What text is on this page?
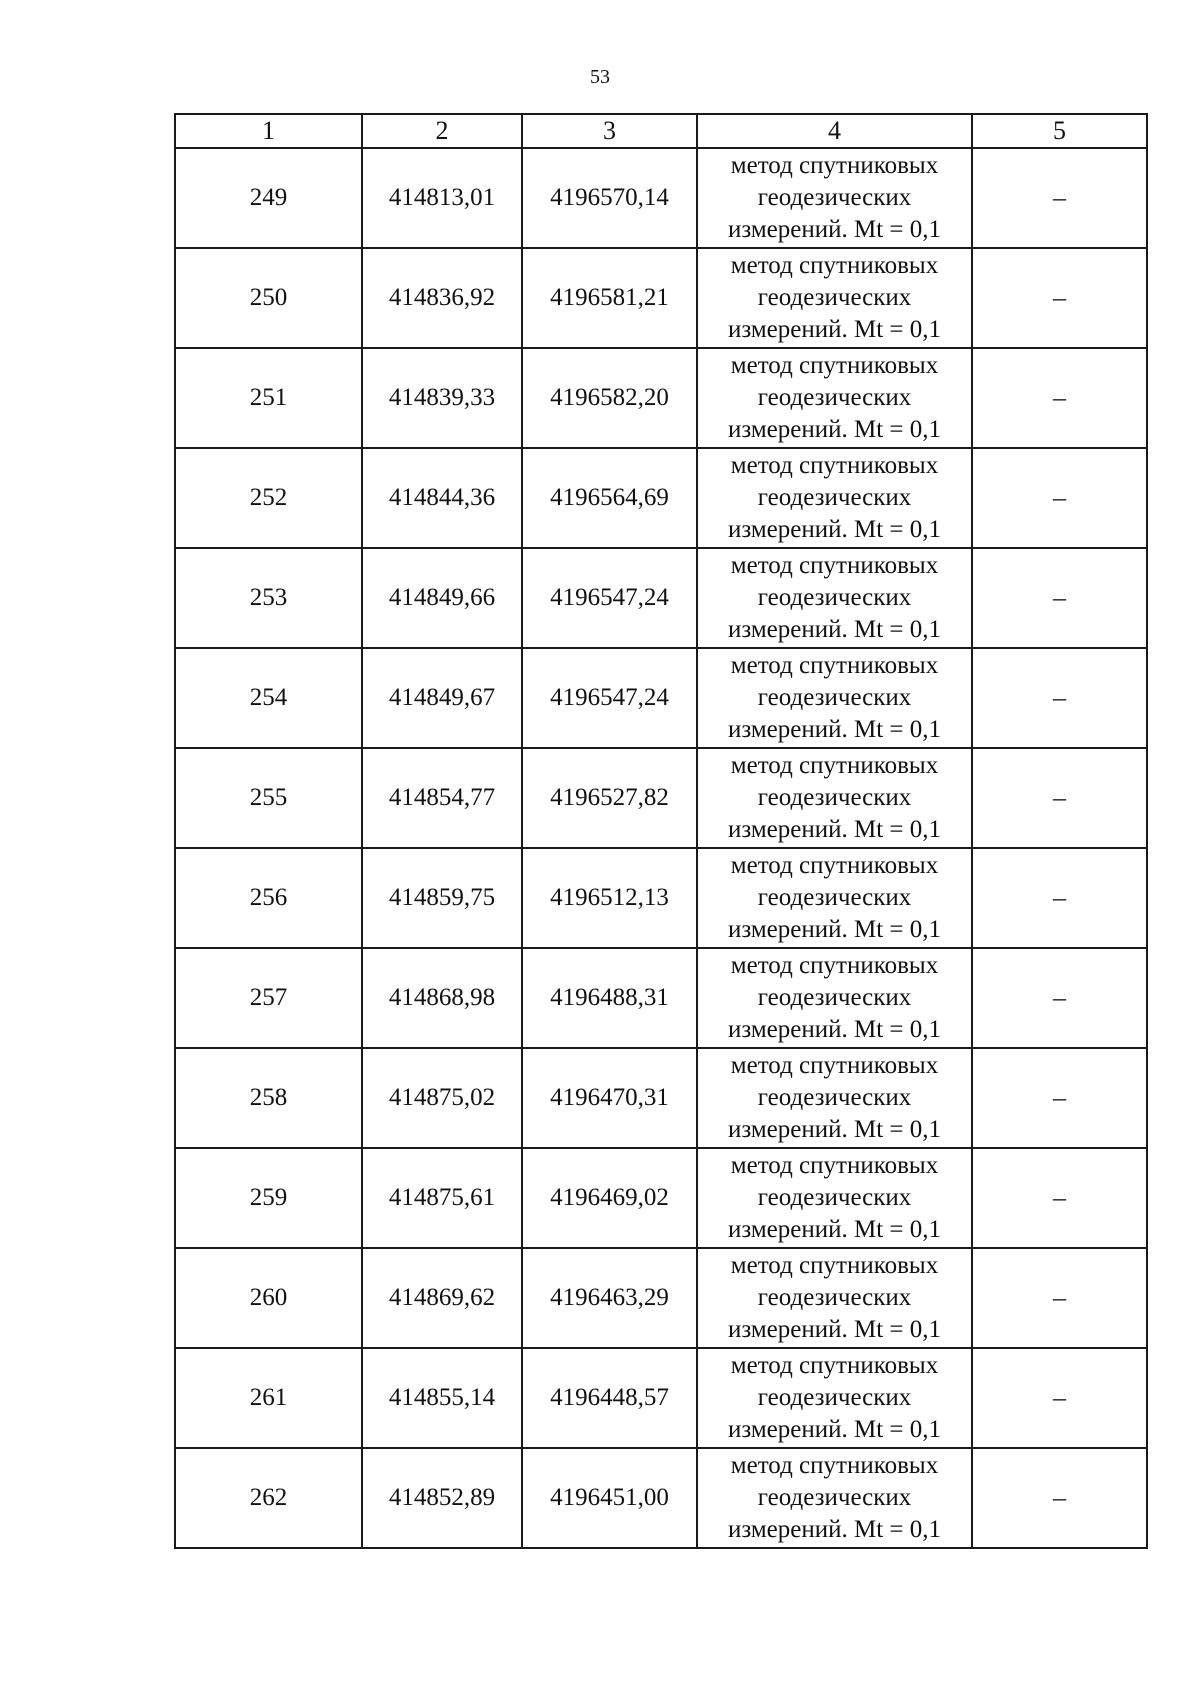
53
1	2	3	4	5
249	414813,01	4196570,14	метод спутниковых
геодезических
измерений. Mt = 0,1	–
250	414836,92	4196581,21	метод спутниковых
геодезических
измерений. Mt = 0,1	–
251	414839,33	4196582,20	метод спутниковых
геодезических
измерений. Mt = 0,1	–
252	414844,36	4196564,69	метод спутниковых
геодезических
измерений. Mt = 0,1	–
253	414849,66	4196547,24	метод спутниковых
геодезических
измерений. Mt = 0,1	–
254	414849,67	4196547,24	метод спутниковых
геодезических
измерений. Mt = 0,1	–
255	414854,77	4196527,82	метод спутниковых
геодезических
измерений. Mt = 0,1	–
256	414859,75	4196512,13	метод спутниковых
геодезических
измерений. Mt = 0,1	–
257	414868,98	4196488,31	метод спутниковых
геодезических
измерений. Mt = 0,1	–
258	414875,02	4196470,31	метод спутниковых
геодезических
измерений. Mt = 0,1	–
259	414875,61	4196469,02	метод спутниковых
геодезических
измерений. Mt = 0,1	–
260	414869,62	4196463,29	метод спутниковых
геодезических
измерений. Mt = 0,1	–
261	414855,14	4196448,57	метод спутниковых
геодезических
измерений. Mt = 0,1	–
262	414852,89	4196451,00	метод спутниковых
геодезических
измерений. Mt = 0,1	–
